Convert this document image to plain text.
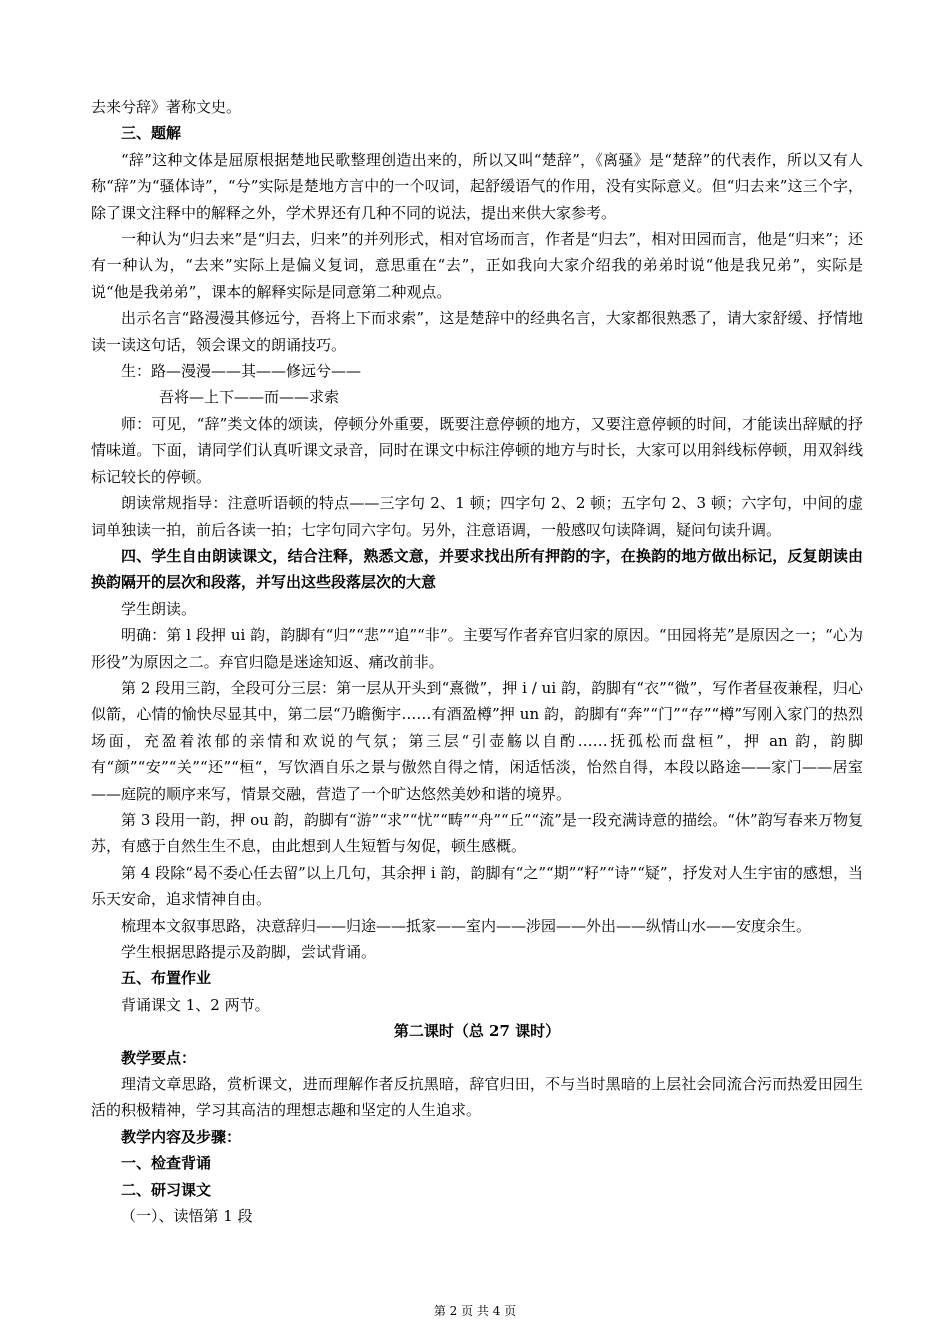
去来兮辞》著称文史。

三、题解

“辞”这种文体是屈原根据楚地民歌整理创造出来的，所以又叫“楚辞”，《离骚》是“楚辞”的代表作，所以又有人称“辞”为“骚体诗”，“兮”实际是楚地方言中的一个叹词，起舒缓语气的作用，没有实际意义。但“归去来”这三个字，除了课文注释中的解释之外，学术界还有几种不同的说法，提出来供大家参考。

一种认为“归去来”是“归去，归来”的并列形式，相对官场而言，作者是“归去”，相对田园而言，他是“归来”；还有一种认为，“去来”实际上是偏义复词，意思重在“去”，正如我向大家介绍我的弟弟时说“他是我兄弟”，实际是说“他是我弟弟”，课本的解释实际是同意第二种观点。

出示名言“路漫漫其修远兮，吾将上下而求索”，这是楚辞中的经典名言，大家都很熟悉了，请大家舒缓、抒情地读一读这句话，领会课文的朗诵技巧。

生：路—漫漫——其——修远兮——

吾将—上下——而——求索

师：可见，“辞”类文体的颂读，停顿分外重要，既要注意停顿的地方，又要注意停顿的时间，才能读出辞赋的抒情味道。下面，请同学们认真听课文录音，同时在课文中标注停顿的地方与时长，大家可以用斜线标停顿，用双斜线标记较长的停顿。

朗读常规指导：注意听语顿的特点——三字句 2、1 顿；四字句 2、2 顿；五字句 2、3 顿；六字句，中间的虚词单独读一拍，前后各读一拍；七字句同六字句。另外，注意语调，一般感叹句读降调，疑问句读升调。

四、学生自由朗读课文，结合注释，熟悉文意，并要求找出所有押韵的字，在换韵的地方做出标记，反复朗读由换韵隔开的层次和段落，并写出这些段落层次的大意

学生朗读。

明确：第 l 段押 ui 韵，韵脚有“归”“悲”“追”“非”。主要写作者弃官归家的原因。“田园将芜”是原因之一；“心为形役”为原因之二。弃官归隐是迷途知返、痛改前非。

第 2 段用三韵，全段可分三层：第一层从开头到“熹微”，押 i / ui 韵，韵脚有“衣”“微”，写作者昼夜兼程，归心似箭，心情的愉快尽显其中，第二层“乃瞻衡宇……有酒盈樽”押 un 韵，韵脚有“奔”“门”“存”“樽”写刚入家门的热烈场面，充盈着浓郁的亲情和欢说的气氛；第三层“引壶觞以自酌……抚孤松而盘桓”，押 an 韵，韵脚有“颜”“安”“关”“还”“桓“，写饮酒自乐之景与傲然自得之情，闲适恬淡，怡然自得，本段以路途——家门——居室——庭院的顺序来写，情景交融，营造了一个旷达悠然美妙和谐的境界。

第 3 段用一韵，押 ou 韵，韵脚有“游”“求”“忧”“畴”“舟”“丘”“流”是一段充满诗意的描绘。“休”韵写春来万物复苏，有感于自然生生不息，由此想到人生短暂与匆促，顿生感概。

第 4 段除“曷不委心任去留”以上几句，其余押 i 韵，韵脚有“之”“期”“籽”“诗”“疑”，抒发对人生宇宙的感想，当乐天安命，追求情神自由。

梳理本文叙事思路，决意辞归——归途——抵家——室内——涉园——外出——纵情山水——安度余生。

学生根据思路提示及韵脚，尝试背诵。

五、布置作业

背诵课文 1、2 两节。

第二课时（总 27 课时）

教学要点：

理清文章思路，赏析课文，进而理解作者反抗黑暗，辞官归田，不与当时黑暗的上层社会同流合污而热爱田园生活的积极精神，学习其高洁的理想志趣和坚定的人生追求。

教学内容及步骤：

一、检查背诵

二、研习课文

（一）、读悟第 1 段

第 2 页 共 4 页
